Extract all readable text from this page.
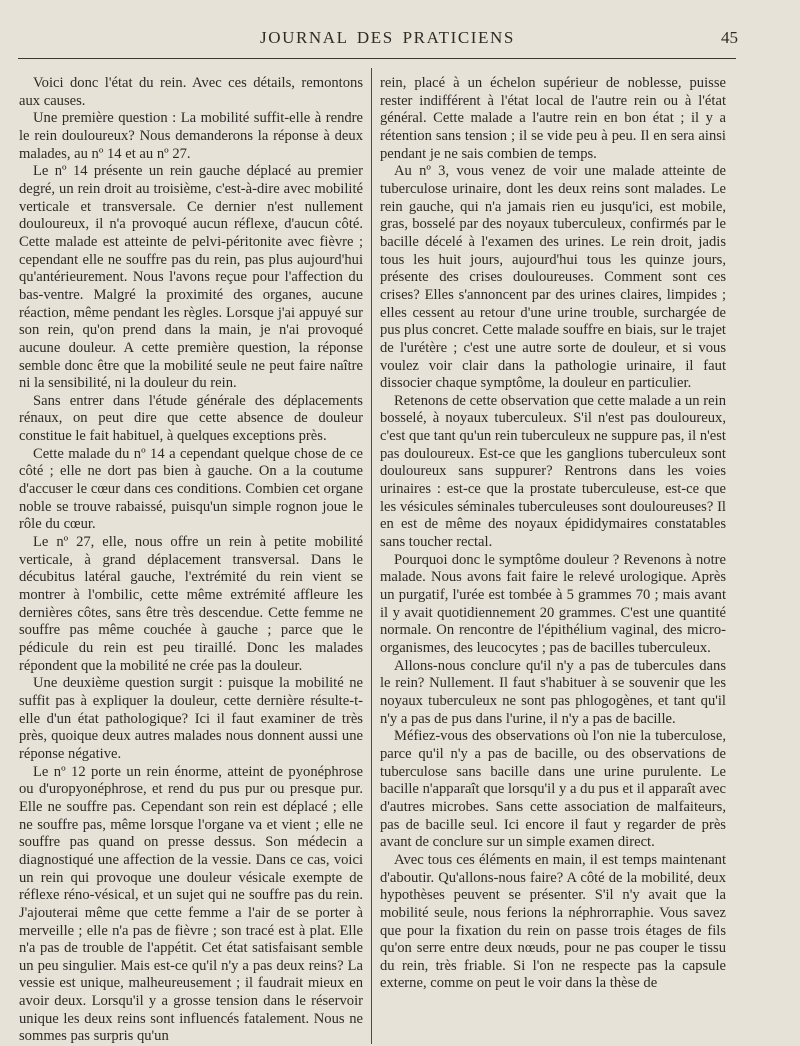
JOURNAL DES PRATICIENS	45

Voici donc l'état du rein. Avec ces détails, remontons aux causes.

Une première question : La mobilité suffit-elle à rendre le rein douloureux? Nous demanderons la réponse à deux malades, au nº 14 et au nº 27.

Le nº 14 présente un rein gauche déplacé au premier degré, un rein droit au troisième, c'est-à-dire avec mobilité verticale et transversale. Ce dernier n'est nullement douloureux, il n'a provoqué aucun réflexe, d'aucun côté. Cette malade est atteinte de pelvi-péritonite avec fièvre ; cependant elle ne souffre pas du rein, pas plus aujourd'hui qu'antérieurement. Nous l'avons reçue pour l'affection du bas-ventre. Malgré la proximité des organes, aucune réaction, même pendant les règles. Lorsque j'ai appuyé sur son rein, qu'on prend dans la main, je n'ai provoqué aucune douleur. A cette première question, la réponse semble donc être que la mobilité seule ne peut faire naître ni la sensibilité, ni la douleur du rein.

Sans entrer dans l'étude générale des déplacements rénaux, on peut dire que cette absence de douleur constitue le fait habituel, à quelques exceptions près.

Cette malade du nº 14 a cependant quelque chose de ce côté ; elle ne dort pas bien à gauche. On a la coutume d'accuser le cœur dans ces conditions. Combien cet organe noble se trouve rabaissé, puisqu'un simple rognon joue le rôle du cœur.

Le nº 27, elle, nous offre un rein à petite mobilité verticale, à grand déplacement transversal. Dans le décubitus latéral gauche, l'extrémité du rein vient se montrer à l'ombilic, cette même extrémité affleure les dernières côtes, sans être très descendue. Cette femme ne souffre pas même couchée à gauche ; parce que le pédicule du rein est peu tiraillé. Donc les malades répondent que la mobilité ne crée pas la douleur.

Une deuxième question surgit : puisque la mobilité ne suffit pas à expliquer la douleur, cette dernière résulte-t-elle d'un état pathologique? Ici il faut examiner de très près, quoique deux autres malades nous donnent aussi une réponse négative.

Le nº 12 porte un rein énorme, atteint de pyonéphrose ou d'uropyonéphrose, et rend du pus pur ou presque pur. Elle ne souffre pas. Cependant son rein est déplacé ; elle ne souffre pas, même lorsque l'organe va et vient ; elle ne souffre pas quand on presse dessus. Son médecin a diagnostiqué une affection de la vessie. Dans ce cas, voici un rein qui provoque une douleur vésicale exempte de réflexe réno-vésical, et un sujet qui ne souffre pas du rein. J'ajouterai même que cette femme a l'air de se porter à merveille ; elle n'a pas de fièvre ; son tracé est à plat. Elle n'a pas de trouble de l'appétit. Cet état satisfaisant semble un peu singulier. Mais est-ce qu'il n'y a pas deux reins? La vessie est unique, malheureusement ; il faudrait mieux en avoir deux. Lorsqu'il y a grosse tension dans le réservoir unique les deux reins sont influencés fatalement. Nous ne sommes pas surpris qu'un

rein, placé à un échelon supérieur de noblesse, puisse rester indifférent à l'état local de l'autre rein ou à l'état général. Cette malade a l'autre rein en bon état ; il y a rétention sans tension ; il se vide peu à peu. Il en sera ainsi pendant je ne sais combien de temps.

Au nº 3, vous venez de voir une malade atteinte de tuberculose urinaire, dont les deux reins sont malades. Le rein gauche, qui n'a jamais rien eu jusqu'ici, est mobile, gras, bosselé par des noyaux tuberculeux, confirmés par le bacille décelé à l'examen des urines. Le rein droit, jadis tous les huit jours, aujourd'hui tous les quinze jours, présente des crises douloureuses. Comment sont ces crises? Elles s'annoncent par des urines claires, limpides ; elles cessent au retour d'une urine trouble, surchargée de pus plus concret. Cette malade souffre en biais, sur le trajet de l'urétère ; c'est une autre sorte de douleur, et si vous voulez voir clair dans la pathologie urinaire, il faut dissocier chaque symptôme, la douleur en particulier.

Retenons de cette observation que cette malade a un rein bosselé, à noyaux tuberculeux. S'il n'est pas douloureux, c'est que tant qu'un rein tuberculeux ne suppure pas, il n'est pas douloureux. Est-ce que les ganglions tuberculeux sont douloureux sans suppurer? Rentrons dans les voies urinaires : est-ce que la prostate tuberculeuse, est-ce que les vésicules séminales tuberculeuses sont douloureuses? Il en est de même des noyaux épididymaires constatables sans toucher rectal.

Pourquoi donc le symptôme douleur ? Revenons à notre malade. Nous avons fait faire le relevé urologique. Après un purgatif, l'urée est tombée à 5 grammes 70 ; mais avant il y avait quotidiennement 20 grammes. C'est une quantité normale. On rencontre de l'épithélium vaginal, des micro-organismes, des leucocytes ; pas de bacilles tuberculeux.

Allons-nous conclure qu'il n'y a pas de tubercules dans le rein? Nullement. Il faut s'habituer à se souvenir que les noyaux tuberculeux ne sont pas phlogogènes, et tant qu'il n'y a pas de pus dans l'urine, il n'y a pas de bacille.

Méfiez-vous des observations où l'on nie la tuberculose, parce qu'il n'y a pas de bacille, ou des observations de tuberculose sans bacille dans une urine purulente. Le bacille n'apparaît que lorsqu'il y a du pus et il apparaît avec d'autres microbes. Sans cette association de malfaiteurs, pas de bacille seul. Ici encore il faut y regarder de près avant de conclure sur un simple examen direct.

Avec tous ces éléments en main, il est temps maintenant d'aboutir. Qu'allons-nous faire? A côté de la mobilité, deux hypothèses peuvent se présenter. S'il n'y avait que la mobilité seule, nous ferions la néphrorraphie. Vous savez que pour la fixation du rein on passe trois étages de fils qu'on serre entre deux nœuds, pour ne pas couper le tissu du rein, très friable. Si l'on ne respecte pas la capsule externe, comme on peut le voir dans la thèse de
